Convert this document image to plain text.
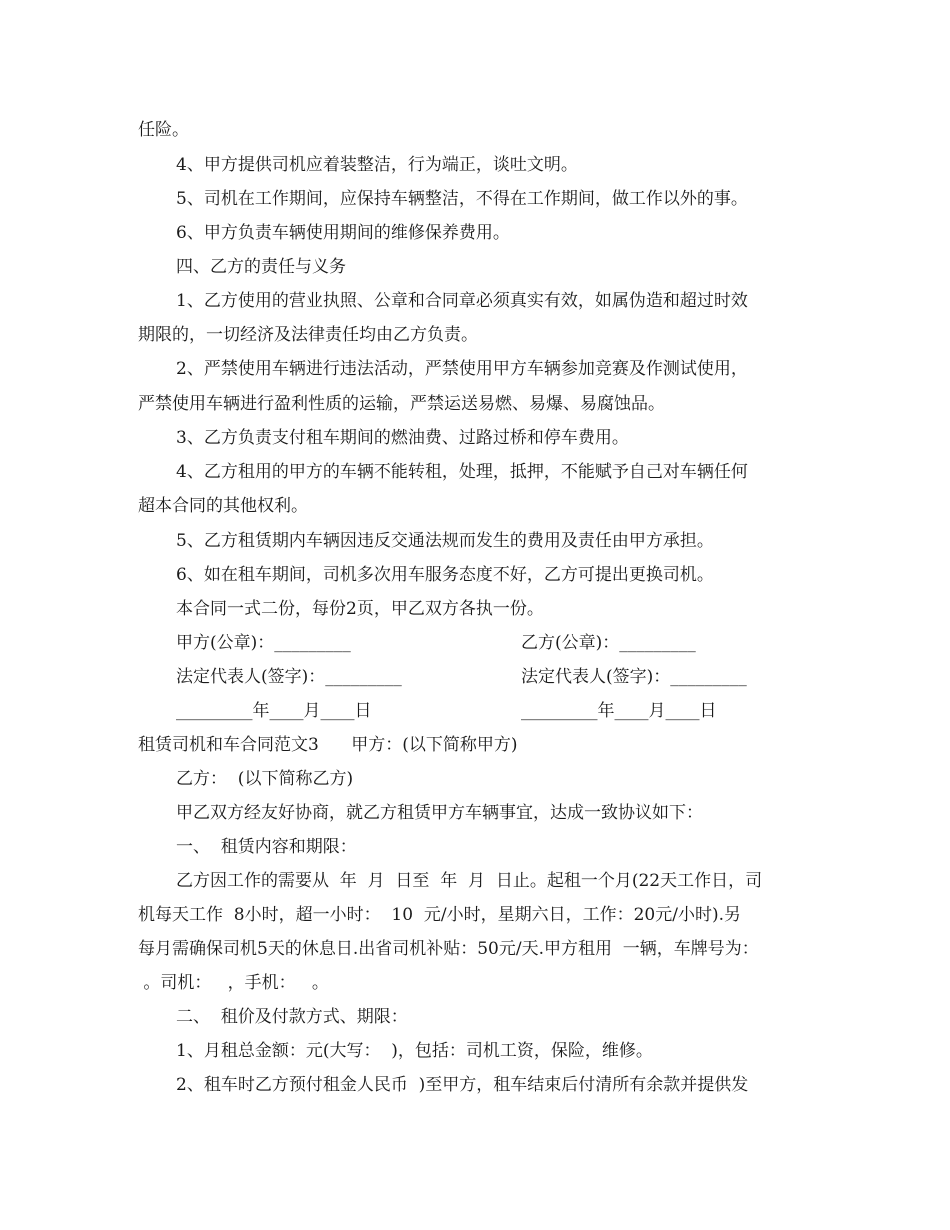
任险。
4、甲方提供司机应着装整洁，行为端正，谈吐文明。
5、司机在工作期间，应保持车辆整洁，不得在工作期间，做工作以外的事。
6、甲方负责车辆使用期间的维修保养费用。
四、乙方的责任与义务
1、乙方使用的营业执照、公章和合同章必须真实有效，如属伪造和超过时效
期限的，一切经济及法律责任均由乙方负责。
2、严禁使用车辆进行违法活动，严禁使用甲方车辆参加竞赛及作测试使用，
严禁使用车辆进行盈利性质的运输，严禁运送易燃、易爆、易腐蚀品。
3、乙方负责支付租车期间的燃油费、过路过桥和停车费用。
4、乙方租用的甲方的车辆不能转租，处理，抵押，不能赋予自己对车辆任何
超本合同的其他权利。
5、乙方租赁期内车辆因违反交通法规而发生的费用及责任由甲方承担。
6、如在租车期间，司机多次用车服务态度不好，乙方可提出更换司机。
本合同一式二份，每份2页，甲乙双方各执一份。
甲方(公章)：_________	乙方(公章)：_________
法定代表人(签字)：_________	法定代表人(签字)：_________
_________年____月____日	_________年____月____日
租赁司机和车合同范文3      甲方：(以下简称甲方)
乙方：  (以下简称乙方)
甲乙双方经友好协商，就乙方租赁甲方车辆事宜，达成一致协议如下：
一、  租赁内容和期限：
乙方因工作的需要从  年  月  日至  年  月  日止。起租一个月(22天工作日，司
机每天工作  8小时，超一小时：  10  元/小时，星期六日，工作：20元/小时).另
每月需确保司机5天的休息日.出省司机补贴：50元/天.甲方租用  一辆，车牌号为：
。司机：   ，手机：   。
二、  租价及付款方式、期限：
1、月租总金额：元(大写：  )，包括：司机工资，保险，维修。
2、租车时乙方预付租金人民币  )至甲方，租车结束后付清所有余款并提供发
